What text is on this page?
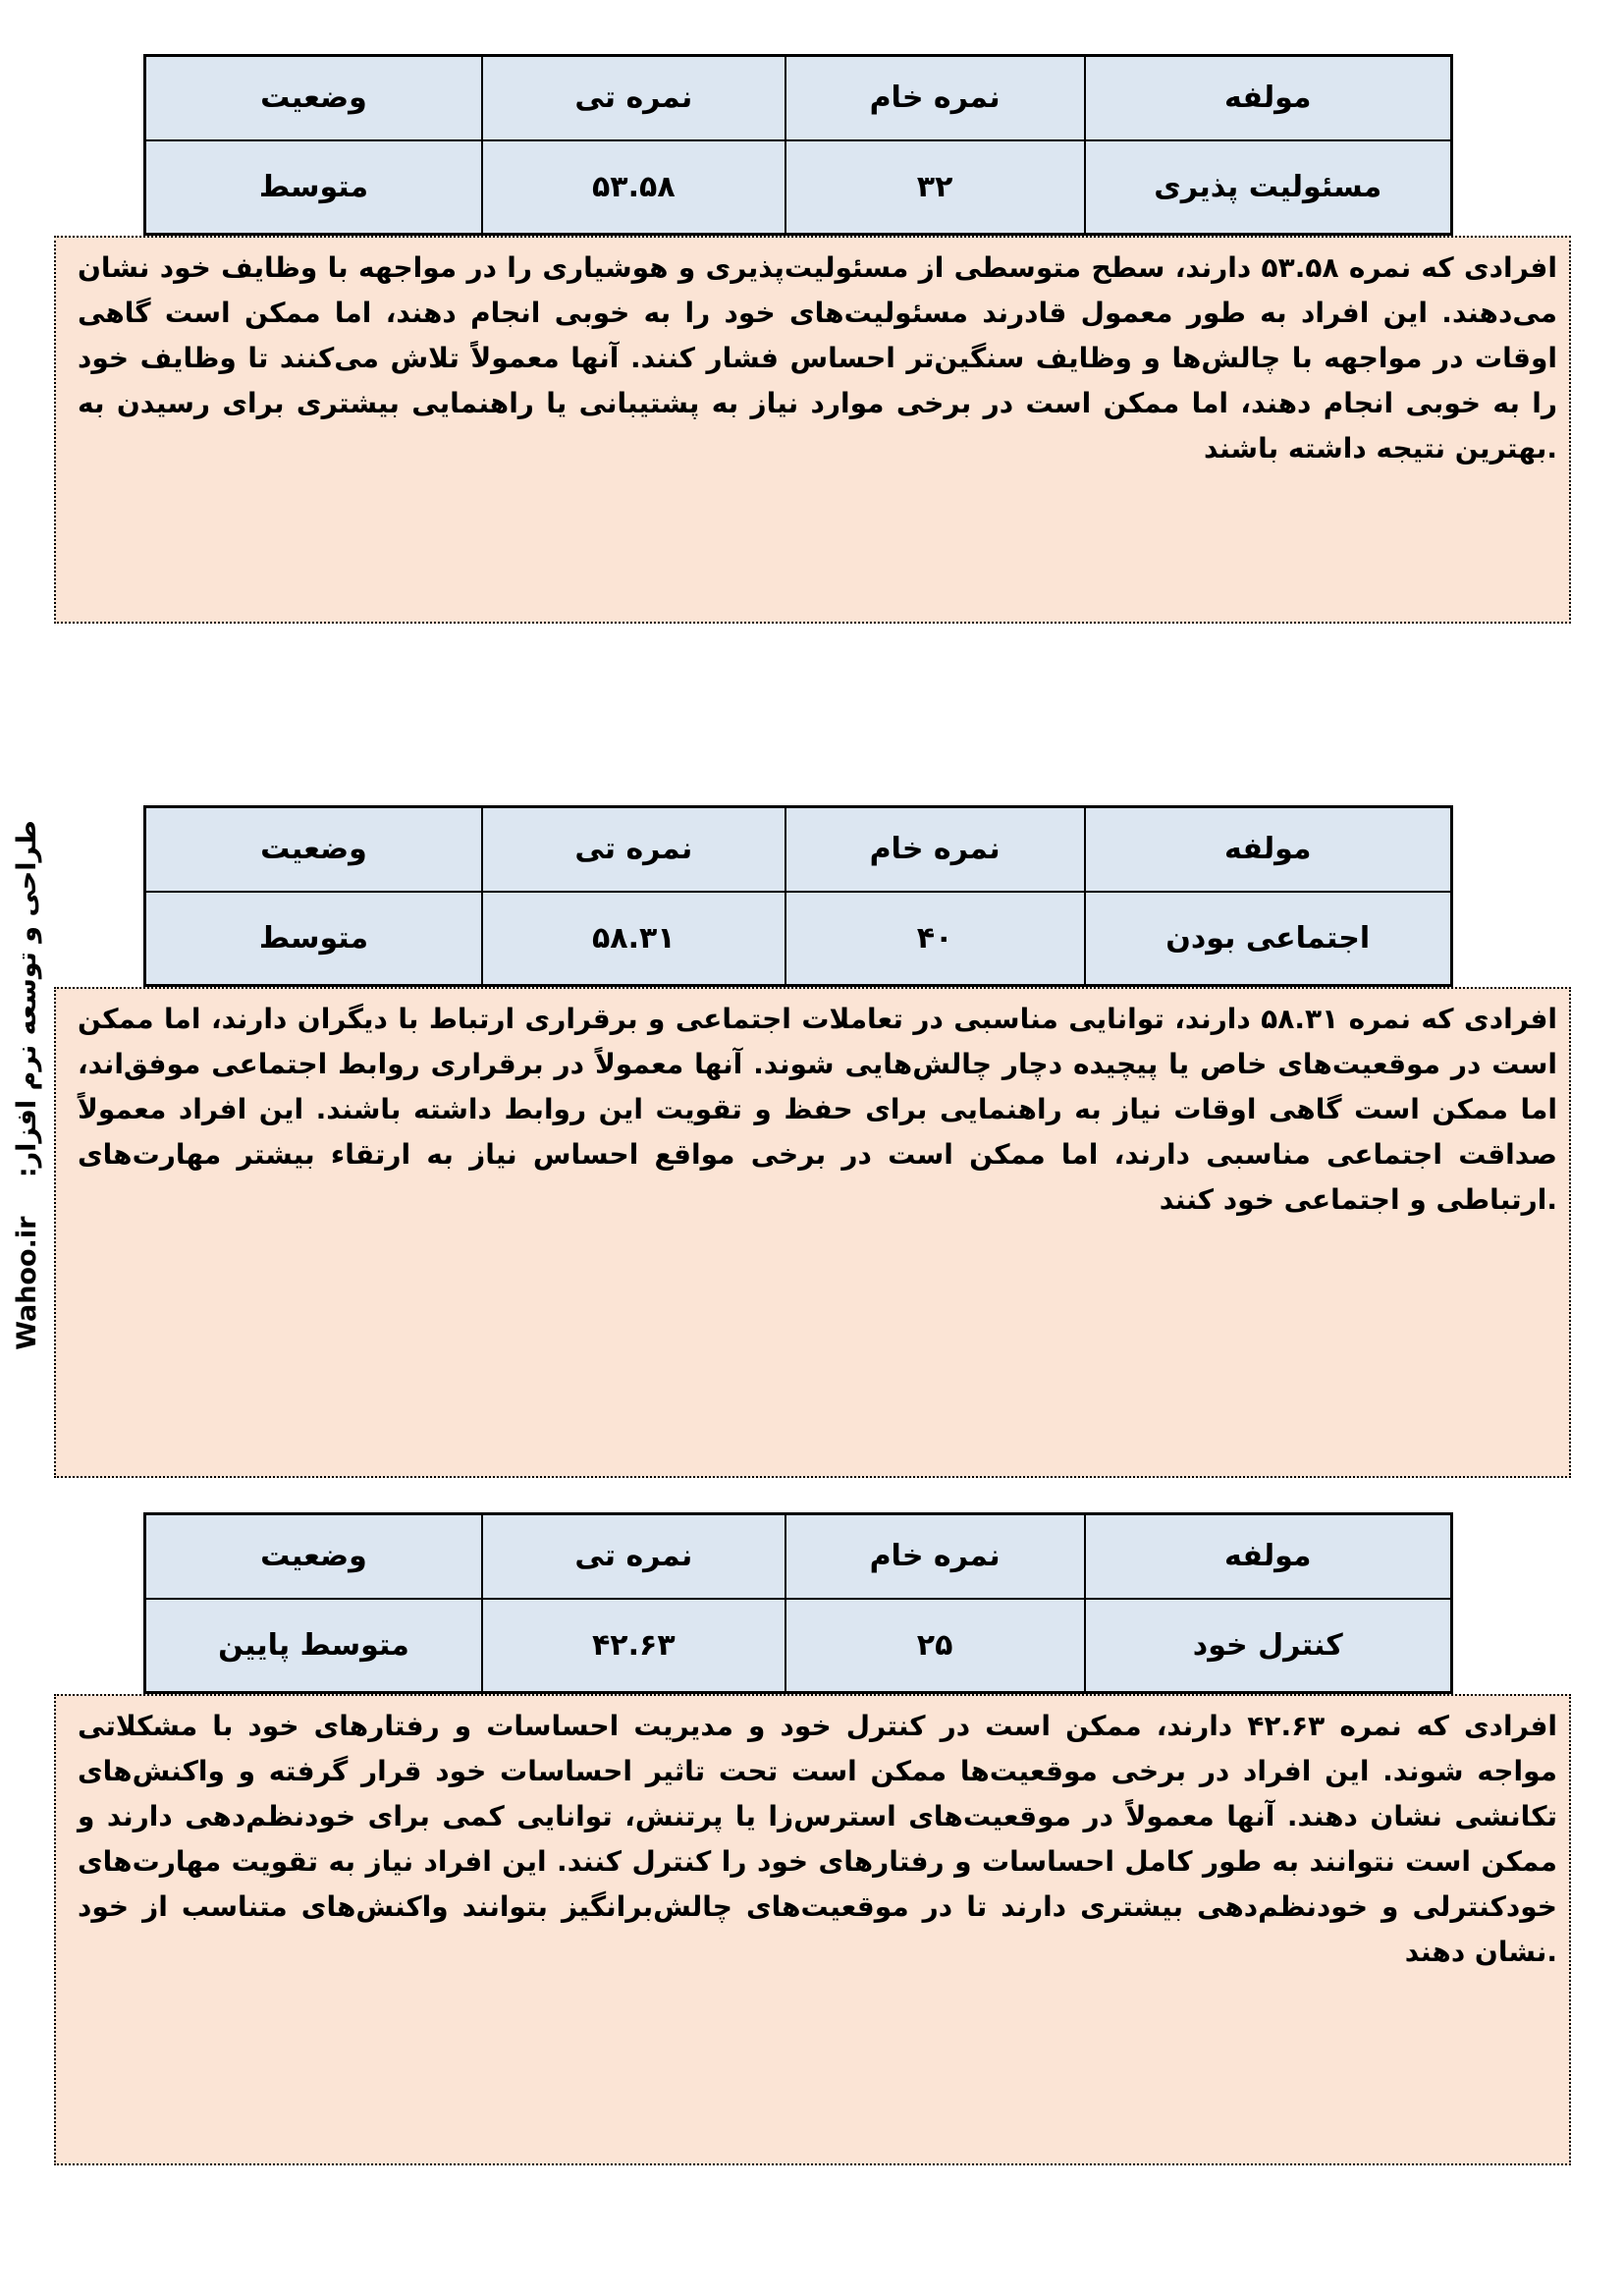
طراحی و توسعه نرم افزار: Wahoo.ir
مولفه	نمره خام	نمره تی	وضعیت
مسئولیت پذیری	۳۲	۵۳.۵۸	متوسط

افرادی که نمره ۵۳.۵۸ دارند، سطح متوسطی از مسئولیت‌پذیری و هوشیاری را در مواجهه با وظایف خود نشان می‌دهند. این افراد به طور معمول قادرند مسئولیت‌های خود را به خوبی انجام دهند، اما ممکن است گاهی اوقات در مواجهه با چالش‌ها و وظایف سنگین‌تر احساس فشار کنند. آنها معمولاً تلاش می‌کنند تا وظایف خود را به خوبی انجام دهند، اما ممکن است در برخی موارد نیاز به پشتیبانی یا راهنمایی بیشتری برای رسیدن به بهترین نتیجه داشته باشند.

مولفه	نمره خام	نمره تی	وضعیت
اجتماعی بودن	۴۰	۵۸.۳۱	متوسط

افرادی که نمره ۵۸.۳۱ دارند، توانایی مناسبی در تعاملات اجتماعی و برقراری ارتباط با دیگران دارند، اما ممکن است در موقعیت‌های خاص یا پیچیده دچار چالش‌هایی شوند. آنها معمولاً در برقراری روابط اجتماعی موفق‌اند، اما ممکن است گاهی اوقات نیاز به راهنمایی برای حفظ و تقویت این روابط داشته باشند. این افراد معمولاً صداقت اجتماعی مناسبی دارند، اما ممکن است در برخی مواقع احساس نیاز به ارتقاء بیشتر مهارت‌های ارتباطی و اجتماعی خود کنند.

مولفه	نمره خام	نمره تی	وضعیت
کنترل خود	۲۵	۴۲.۶۳	متوسط پایین

افرادی که نمره ۴۲.۶۳ دارند، ممکن است در کنترل خود و مدیریت احساسات و رفتارهای خود با مشکلاتی مواجه شوند. این افراد در برخی موقعیت‌ها ممکن است تحت تاثیر احساسات خود قرار گرفته و واکنش‌های تکانشی نشان دهند. آنها معمولاً در موقعیت‌های استرس‌زا یا پرتنش، توانایی کمی برای خودنظم‌دهی دارند و ممکن است نتوانند به طور کامل احساسات و رفتارهای خود را کنترل کنند. این افراد نیاز به تقویت مهارت‌های خودکنترلی و خودنظم‌دهی بیشتری دارند تا در موقعیت‌های چالش‌برانگیز بتوانند واکنش‌های متناسب از خود نشان دهند.
